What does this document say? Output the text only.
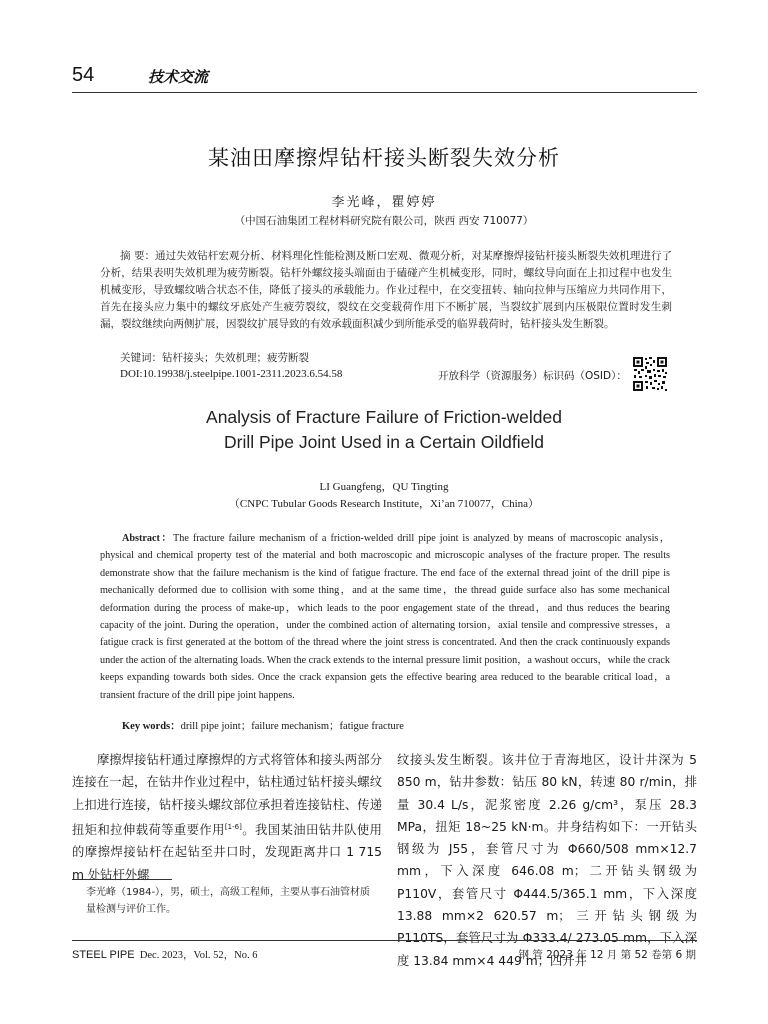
54	技术交流
某油田摩擦焊钻杆接头断裂失效分析
李光峰，瞿婷婷
（中国石油集团工程材料研究院有限公司，陕西 西安 710077）
摘 要：通过失效钻杆宏观分析、材料理化性能检测及断口宏观、微观分析，对某摩擦焊接钻杆接头断裂失效机理进行了分析，结果表明失效机理为疲劳断裂。钻杆外螺纹接头端面由于磕碰产生机械变形，同时，螺纹导向面在上扣过程中也发生机械变形，导致螺纹啮合状态不佳，降低了接头的承载能力。作业过程中，在交变扭转、轴向拉伸与压缩应力共同作用下，首先在接头应力集中的螺纹牙底处产生疲劳裂纹，裂纹在交变载荷作用下不断扩展，当裂纹扩展到内压极限位置时发生刺漏，裂纹继续向两侧扩展，因裂纹扩展导致的有效承载面积减少到所能承受的临界载荷时，钻杆接头发生断裂。
关键词：钻杆接头；失效机理；疲劳断裂
DOI:10.19938/j.steelpipe.1001-2311.2023.6.54.58	开放科学（资源服务）标识码（OSID）：
Analysis of Fracture Failure of Friction-welded
Drill Pipe Joint Used in a Certain Oildfield
LI Guangfeng，QU Tingting
（CNPC Tubular Goods Research Institute，Xi’an 710077，China）
Abstract：The fracture failure mechanism of a friction-welded drill pipe joint is analyzed by means of macroscopic analysis，physical and chemical property test of the material and both macroscopic and microscopic analyses of the fracture proper. The results demonstrate show that the failure mechanism is the kind of fatigue fracture. The end face of the external thread joint of the drill pipe is mechanically deformed due to collision with some thing，and at the same time，the thread guide surface also has some mechanical deformation during the process of make-up，which leads to the poor engagement state of the thread，and thus reduces the bearing capacity of the joint. During the operation，under the combined action of alternating torsion，axial tensile and compressive stresses，a fatigue crack is first generated at the bottom of the thread where the joint stress is concentrated. And then the crack continuously expands under the action of the alternating loads. When the crack extends to the internal pressure limit position，a washout occurs，while the crack keeps expanding towards both sides. Once the crack expansion gets the effective bearing area reduced to the bearable critical load，a transient fracture of the drill pipe joint happens.
Key words：drill pipe joint；failure mechanism；fatigue fracture
摩擦焊接钻杆通过摩擦焊的方式将管体和接头两部分连接在一起，在钻井作业过程中，钻柱通过钻杆接头螺纹上扣进行连接，钻杆接头螺纹部位承担着连接钻柱、传递扭矩和拉伸载荷等重要作用[1-6]。我国某油田钻井队使用的摩擦焊接钻杆在起钻至井口时，发现距离井口 1 715 m 处钻杆外螺
纹接头发生断裂。该井位于青海地区，设计井深为 5 850 m，钻井参数：钻压 80 kN，转速 80 r/min，排量 30.4 L/s，泥浆密度 2.26 g/cm³，泵压 28.3 MPa，扭矩 18~25 kN·m。井身结构如下：一开钻头钢级为 J55，套管尺寸为 Φ660/508 mm×12.7 mm，下入深度 646.08 m；二开钻头钢级为 P110V，套管尺寸 Φ444.5/365.1 mm，下入深度 13.88 mm×2 620.57 m；三开钻头钢级为 P110TS，套管尺寸为 Φ333.4/ 273.05 mm，下入深度 13.84 mm×4 449 m；四开井
李光峰（1984-），男，硕士，高级工程师，主要从事石油管材质量检测与评价工作。
STEEL PIPE Dec. 2023，Vol. 52，No. 6	钢 管 2023 年 12 月 第 52 卷第 6 期
